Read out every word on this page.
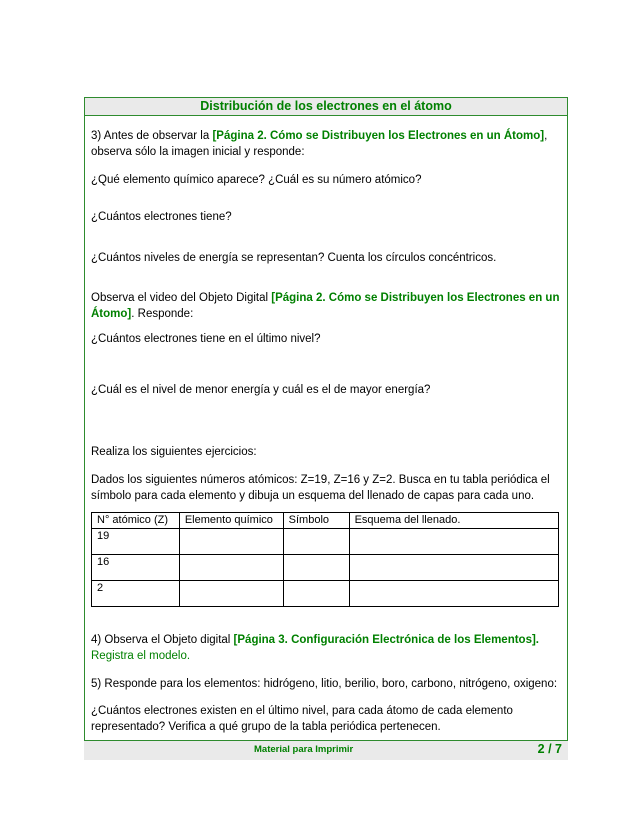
Distribución de los electrones en el átomo

3) Antes de observar la [Página 2. Cómo se Distribuyen los Electrones en un Átomo],

observa sólo la imagen inicial y responde:

¿Qué elemento químico aparece? ¿Cuál es su número atómico?

¿Cuántos electrones tiene?

¿Cuántos niveles de energía se representan? Cuenta los círculos concéntricos.

Observa el video del Objeto Digital [Página 2. Cómo se Distribuyen los Electrones en un

Átomo]. Responde:

¿Cuántos electrones tiene en el último nivel?

¿Cuál es el nivel de menor energía y cuál es el de mayor energía?

Realiza los siguientes ejercicios:

Dados los siguientes números atómicos: Z=19, Z=16 y Z=2. Busca en tu tabla periódica el

símbolo para cada elemento y dibuja un esquema del llenado de capas para cada uno.

N° atómico (Z)	Elemento químico	Símbolo	Esquema del llenado.
19			
16			
2			

4) Observa el Objeto digital [Página 3. Configuración Electrónica de los Elementos].

Registra el modelo.

5) Responde para los elementos: hidrógeno, litio, berilio, boro, carbono, nitrógeno, oxigeno:

¿Cuántos electrones existen en el último nivel, para cada átomo de cada elemento

representado? Verifica a qué grupo de la tabla periódica pertenecen.

Material para Imprimir	2 / 7
